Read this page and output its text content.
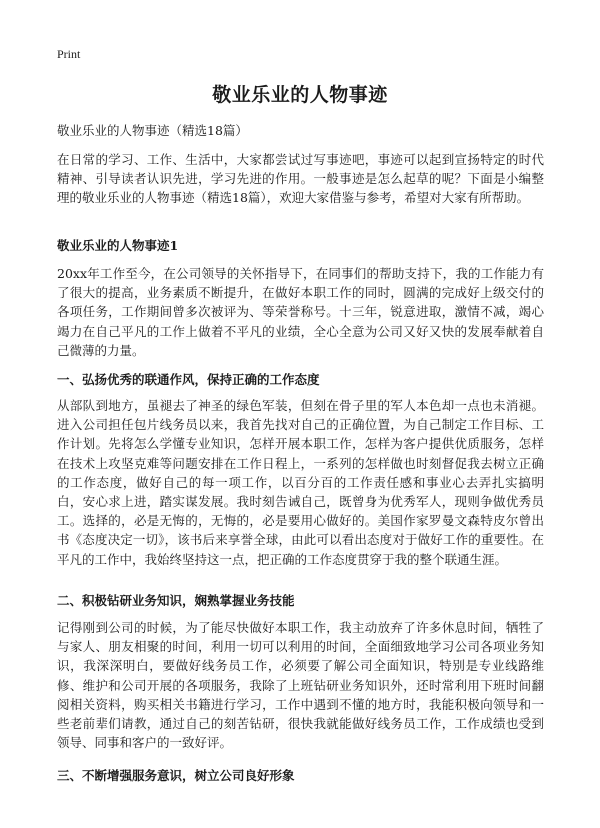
Print
敬业乐业的人物事迹
敬业乐业的人物事迹（精选18篇）

在日常的学习、工作、生活中，大家都尝试过写事迹吧，事迹可以起到宣扬特定的时代精神、引导读者认识先进，学习先进的作用。一般事迹是怎么起草的呢？下面是小编整理的敬业乐业的人物事迹（精选18篇），欢迎大家借鉴与参考，希望对大家有所帮助。

敬业乐业的人物事迹1

20xx年工作至今，在公司领导的关怀指导下，在同事们的帮助支持下，我的工作能力有了很大的提高，业务素质不断提升，在做好本职工作的同时，圆满的完成好上级交付的各项任务，工作期间曾多次被评为、等荣誉称号。十三年，锐意进取，激情不减，竭心竭力在自己平凡的工作上做着不平凡的业绩，全心全意为公司又好又快的发展奉献着自己微薄的力量。

一、弘扬优秀的联通作风，保持正确的工作态度

从部队到地方，虽褪去了神圣的绿色军装，但刻在骨子里的军人本色却一点也未消褪。进入公司担任包片线务员以来，我首先找对自己的正确位置，为自己制定工作目标、工作计划。先将怎么学懂专业知识，怎样开展本职工作，怎样为客户提供优质服务，怎样在技术上攻坚克难等问题安排在工作日程上，一系列的怎样做也时刻督促我去树立正确的工作态度，做好自己的每一项工作，以百分百的工作责任感和事业心去弄扎实搞明白，安心求上进，踏实谋发展。我时刻告诫自己，既曾身为优秀军人，现则争做优秀员工。选择的，必是无悔的，无悔的，必是要用心做好的。美国作家罗曼文森特皮尔曾出书《态度决定一切》，该书后来享誉全球，由此可以看出态度对于做好工作的重要性。在平凡的工作中，我始终坚持这一点，把正确的工作态度贯穿于我的整个联通生涯。

二、积极钻研业务知识，娴熟掌握业务技能

记得刚到公司的时候，为了能尽快做好本职工作，我主动放弃了许多休息时间，牺牲了与家人、朋友相聚的时间，利用一切可以利用的时间，全面细致地学习公司各项业务知识，我深深明白，要做好线务员工作，必须要了解公司全面知识，特别是专业线路维修、维护和公司开展的各项服务，我除了上班钻研业务知识外，还时常利用下班时间翻阅相关资料，购买相关书籍进行学习，工作中遇到不懂的地方时，我能积极向领导和一些老前辈们请教，通过自己的刻苦钻研，很快我就能做好线务员工作，工作成绩也受到领导、同事和客户的一致好评。

三、不断增强服务意识，树立公司良好形象
